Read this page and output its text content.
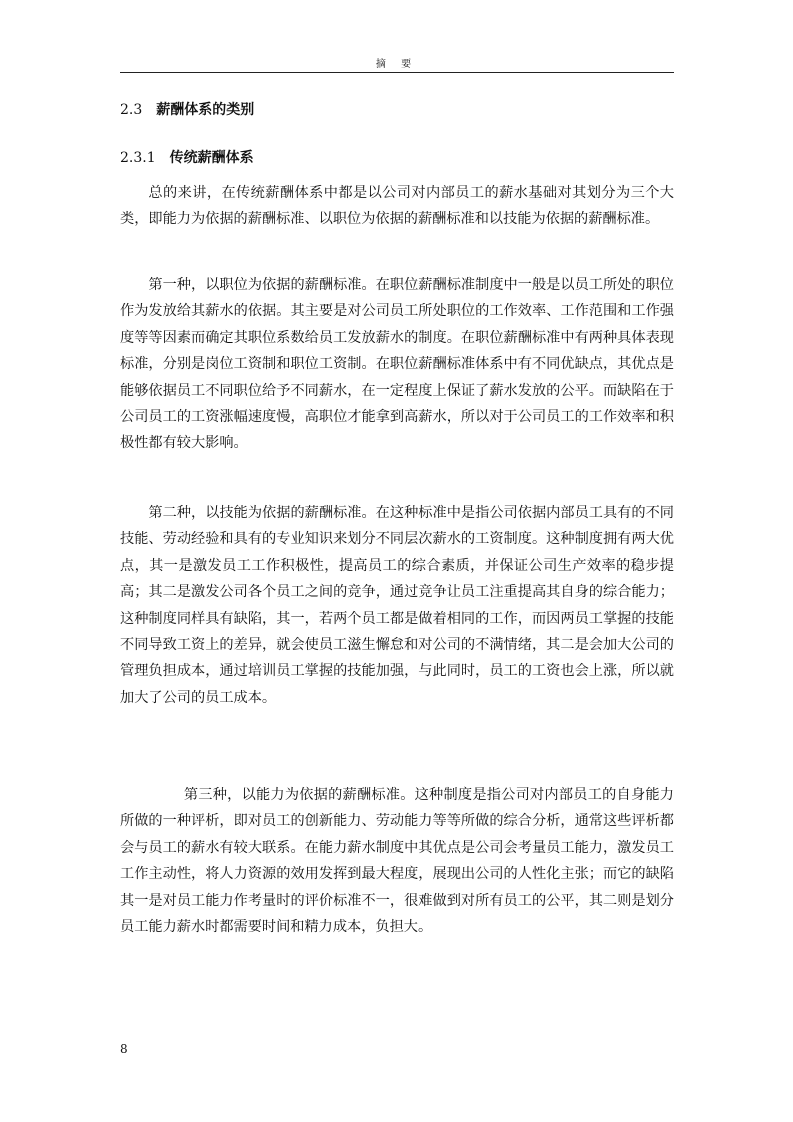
摘 要
2.3 薪酬体系的类别
2.3.1 传统薪酬体系

总的来讲，在传统薪酬体系中都是以公司对内部员工的薪水基础对其划分为三个大类，即能力为依据的薪酬标准、以职位为依据的薪酬标准和以技能为依据的薪酬标准。

第一种，以职位为依据的薪酬标准。在职位薪酬标准制度中一般是以员工所处的职位作为发放给其薪水的依据。其主要是对公司员工所处职位的工作效率、工作范围和工作强度等等因素而确定其职位系数给员工发放薪水的制度。在职位薪酬标准中有两种具体表现标准，分别是岗位工资制和职位工资制。在职位薪酬标准体系中有不同优缺点，其优点是能够依据员工不同职位给予不同薪水，在一定程度上保证了薪水发放的公平。而缺陷在于公司员工的工资涨幅速度慢，高职位才能拿到高薪水，所以对于公司员工的工作效率和积极性都有较大影响。

第二种，以技能为依据的薪酬标准。在这种标准中是指公司依据内部员工具有的不同技能、劳动经验和具有的专业知识来划分不同层次薪水的工资制度。这种制度拥有两大优点，其一是激发员工工作积极性，提高员工的综合素质，并保证公司生产效率的稳步提高；其二是激发公司各个员工之间的竞争，通过竞争让员工注重提高其自身的综合能力；这种制度同样具有缺陷，其一，若两个员工都是做着相同的工作，而因两员工掌握的技能不同导致工资上的差异，就会使员工滋生懈怠和对公司的不满情绪，其二是会加大公司的管理负担成本，通过培训员工掌握的技能加强，与此同时，员工的工资也会上涨，所以就加大了公司的员工成本。

第三种，以能力为依据的薪酬标准。这种制度是指公司对内部员工的自身能力所做的一种评析，即对员工的创新能力、劳动能力等等所做的综合分析，通常这些评析都会与员工的薪水有较大联系。在能力薪水制度中其优点是公司会考量员工能力，激发员工工作主动性，将人力资源的效用发挥到最大程度，展现出公司的人性化主张；而它的缺陷其一是对员工能力作考量时的评价标准不一，很难做到对所有员工的公平，其二则是划分员工能力薪水时都需要时间和精力成本，负担大。

8
